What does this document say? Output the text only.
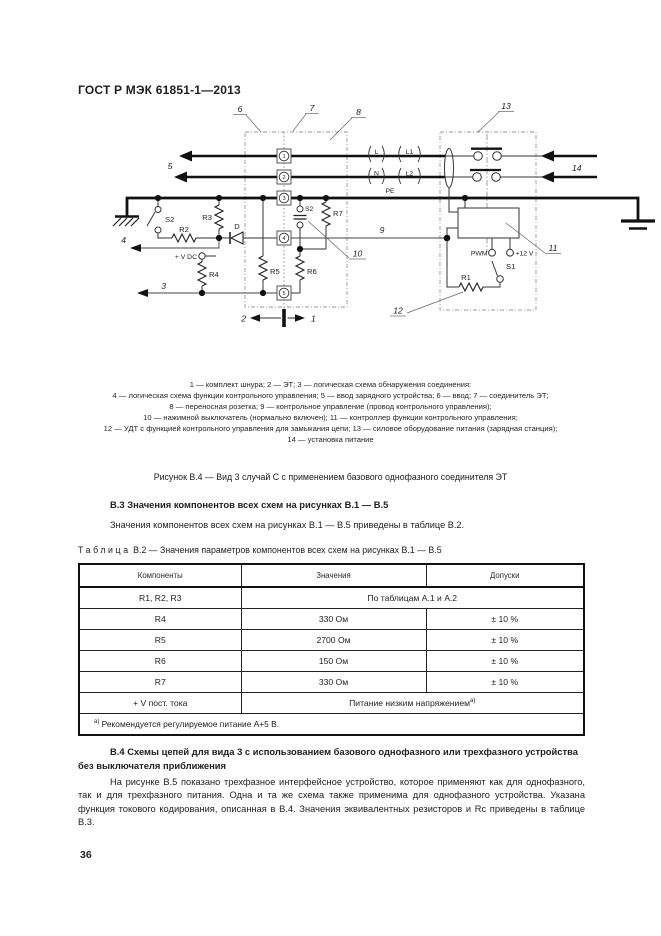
ГОСТ Р МЭК 61851-1—2013
S2
R2
R3
D
4
+ V DC
R4
3
R5
S2	R7
R6
9
R1
S1
PWM	+12 V
1
2
3
4
5
L	L1
N	L2
PE
2	1
6	7	8
13
10
11
12
5	14
1 — комплект шнура; 2 — ЭТ; 3 — логическая схема обнаружения соединения:
4 — логическая схема функции контрольного управления; 5 — ввод зарядного устройства; 6 — ввод; 7 — соединитель ЭТ;
8 — переносная розетка; 9 — контрольное управление (провод контрольного управления);
10 — нажимной выключатель (нормально включен); 11 — контроллер функции контрольного управления;
12 — УДТ с функцией контрольного управления для замыкания цепи; 13 — силовое оборудование питания (зарядная станция);
14 — установка питание
Рисунок В.4 — Вид 3 случай С с применением базового однофазного соединителя ЭТ
В.3 Значения компонентов всех схем на рисунках В.1 — В.5
Значения компонентов всех схем на рисунках В.1 — В.5 приведены в таблице В.2.
Таблица В.2 — Значения параметров компонентов всех схем на рисунках В.1 — В.5
Компоненты	Значения	Допуски
R1, R2, R3	По таблицам А.1 и А.2	
R4	330 Ом	± 10 %
R5	2700 Ом	± 10 %
R6	150 Ом	± 10 %
R7	330 Ом	± 10 %
+ V пост. тока	Питание низким напряжением$^{а)}$
$^{а)}$ Рекомендуется регулируемое питание А+5 В.		
В.4 Схемы цепей для вида 3 с использованием базового однофазного или трехфазного устройства без выключателя приближения
На рисунке В.5 показано трехфазное интерфейсное устройство, которое применяют как для однофазного, так и для трехфазного питания. Одна и та же схема также применима для однофазного устройства. Указана функция токового кодирования, описанная в В.4. Значения эквивалентных резисторов и Rc приведены в таблице В.3.
36
